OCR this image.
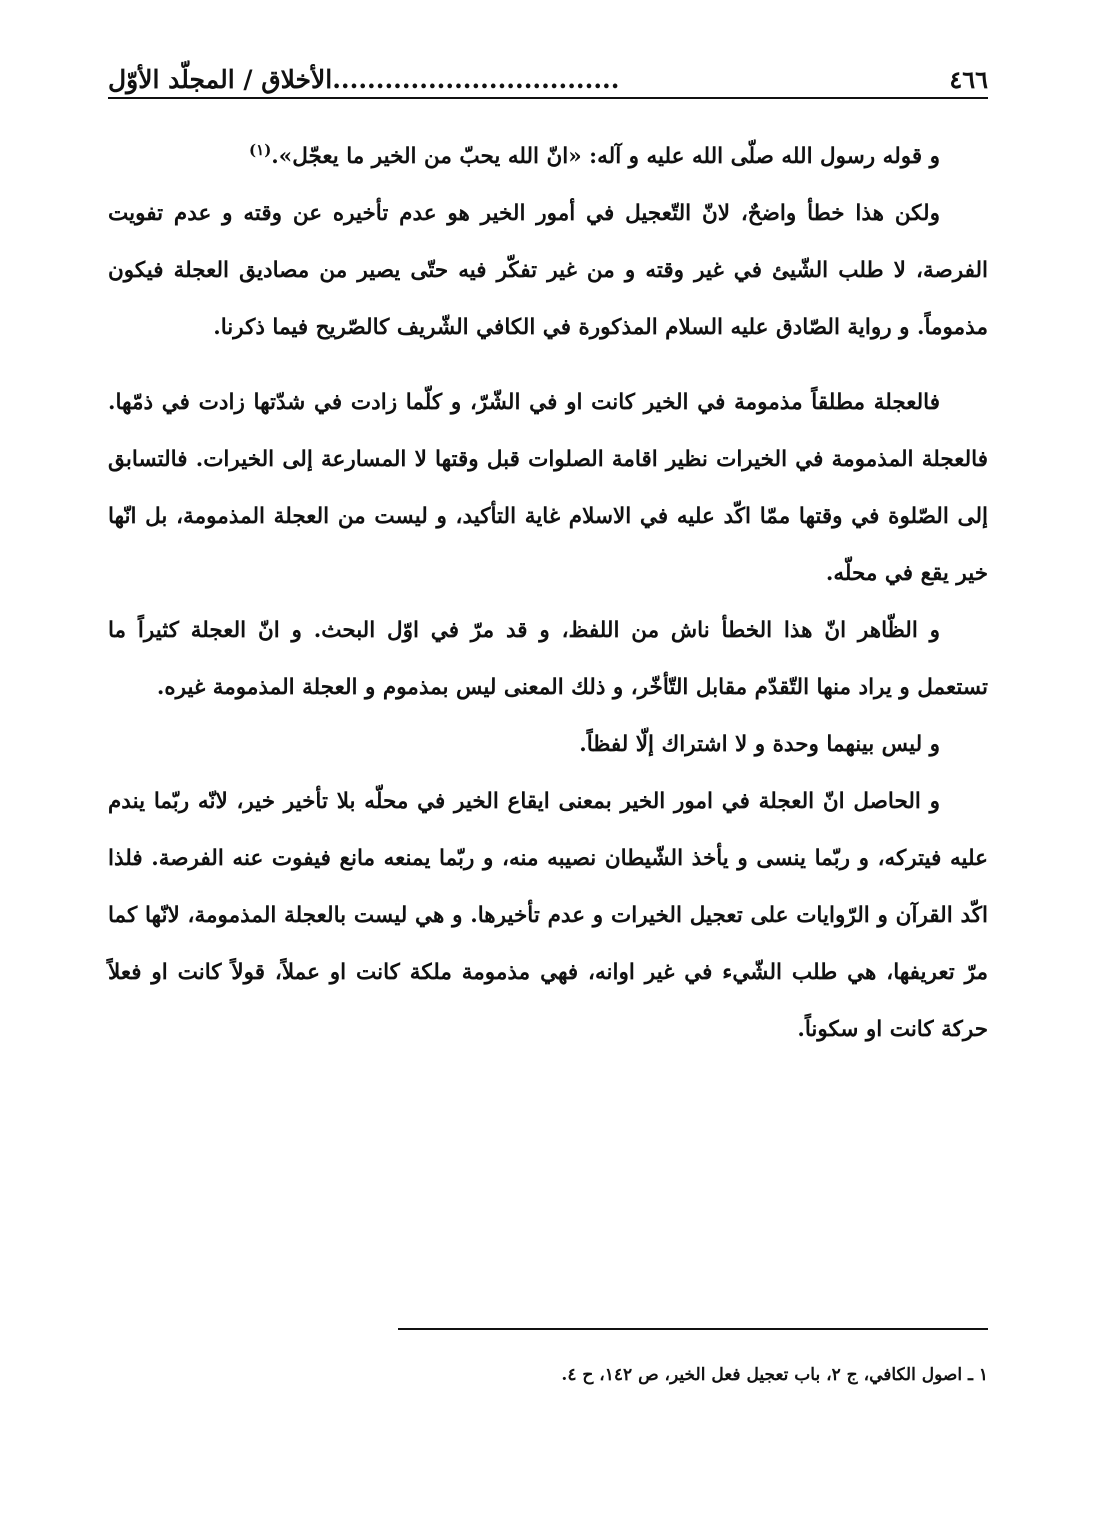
٤٦٦
.................................الأخلاق / المجلّد الأوّل

و قوله رسول الله صلّى الله عليه و آله: «انّ الله يحبّ من الخير ما يعجّل».$^{(١)}$

ولكن هذا خطأ واضحٌ، لانّ التّعجيل في أمور الخير هو عدم تأخيره عن وقته و عدم تفويت الفرصة، لا طلب الشّيئ في غير وقته و من غير تفكّر فيه حتّى يصير من مصاديق العجلة فيكون مذموماً. و رواية الصّادق عليه السلام المذكورة في الكافي الشّريف كالصّريح فيما ذكرنا.

فالعجلة مطلقاً مذمومة في الخير كانت او في الشّرّ، و كلّما زادت في شدّتها زادت في ذمّها. فالعجلة المذمومة في الخيرات نظير اقامة الصلوات قبل وقتها لا المسارعة إلى الخيرات. فالتسابق إلى الصّلوة في وقتها ممّا اكّد عليه في الاسلام غاية التأكيد، و ليست من العجلة المذمومة، بل انّها خير يقع في محلّه.

و الظّاهر انّ هذا الخطأ ناش من اللفظ، و قد مرّ في اوّل البحث. و انّ العجلة كثيراً ما تستعمل و يراد منها التّقدّم مقابل التّأخّر، و ذلك المعنى ليس بمذموم و العجلة المذمومة غيره.

و ليس بينهما وحدة و لا اشتراك إلّا لفظاً.

و الحاصل انّ العجلة في امور الخير بمعنى ايقاع الخير في محلّه بلا تأخير خير، لانّه ربّما يندم عليه فيتركه، و ربّما ينسى و يأخذ الشّيطان نصيبه منه، و ربّما يمنعه مانع فيفوت عنه الفرصة. فلذا اكّد القرآن و الرّوايات على تعجيل الخيرات و عدم تأخيرها. و هي ليست بالعجلة المذمومة، لانّها كما مرّ تعريفها، هي طلب الشّيء في غير اوانه، فهي مذمومة ملكة كانت او عملاً، قولاً كانت او فعلاً حركة كانت او سكوناً.

١ ـ اصول الكافي، ج ٢، باب تعجيل فعل الخير، ص ١٤٢، ح ٤.
